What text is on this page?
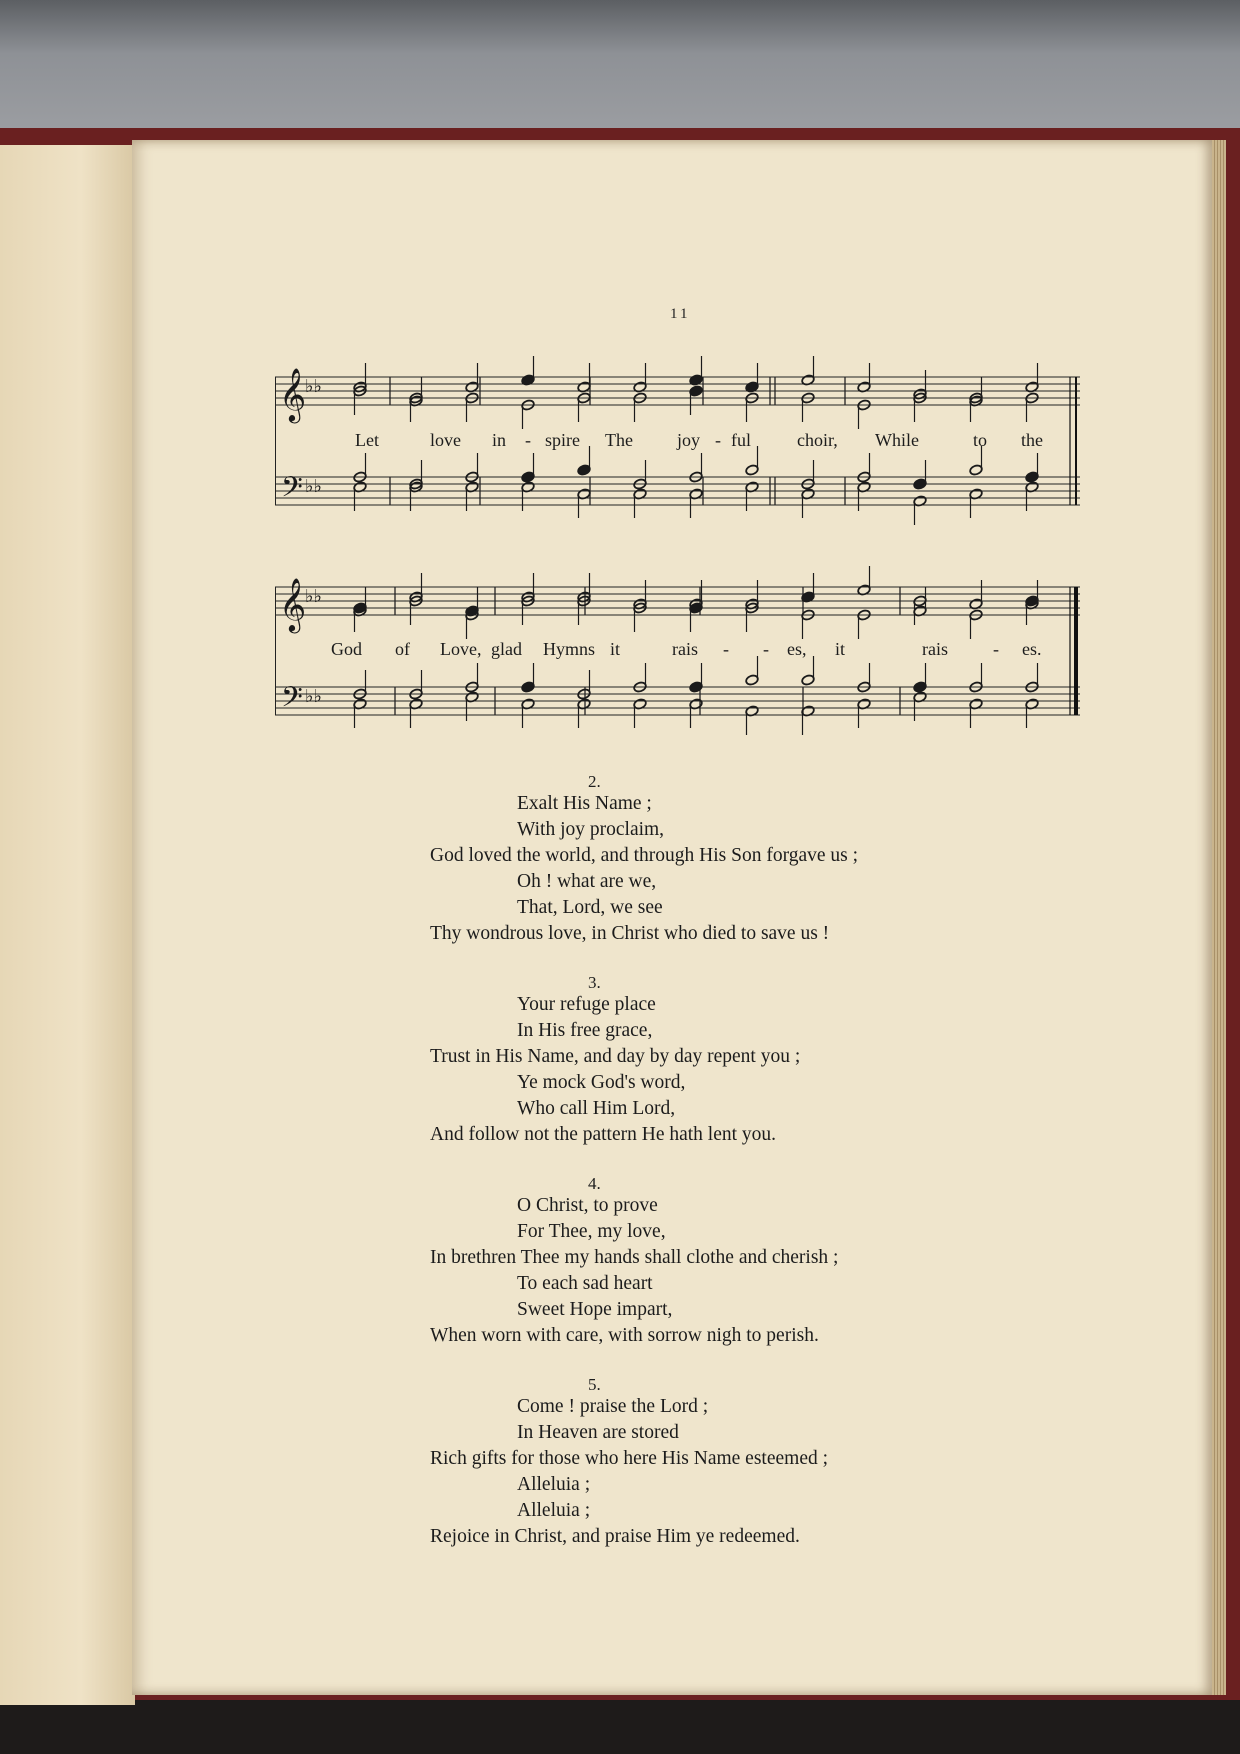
11
𝄞
𝄢
♭♭
♭♭
Let	love in - spire The joy - ful	choir, While	to the
𝄞
𝄢
♭♭
♭♭
God of Love, glad Hymns it	rais - - es, it	rais	- es.
2.
Exalt His Name ;
With joy proclaim,
God loved the world, and through His Son forgave us ;
Oh ! what are we,
That, Lord, we see
Thy wondrous love, in Christ who died to save us !
3.
Your refuge place
In His free grace,
Trust in His Name, and day by day repent you ;
Ye mock God's word,
Who call Him Lord,
And follow not the pattern He hath lent you.
4.
O Christ, to prove
For Thee, my love,
In brethren Thee my hands shall clothe and cherish ;
To each sad heart
Sweet Hope impart,
When worn with care, with sorrow nigh to perish.
5.
Come ! praise the Lord ;
In Heaven are stored
Rich gifts for those who here His Name esteemed ;
Alleluia ;
Alleluia ;
Rejoice in Christ, and praise Him ye redeemed.
